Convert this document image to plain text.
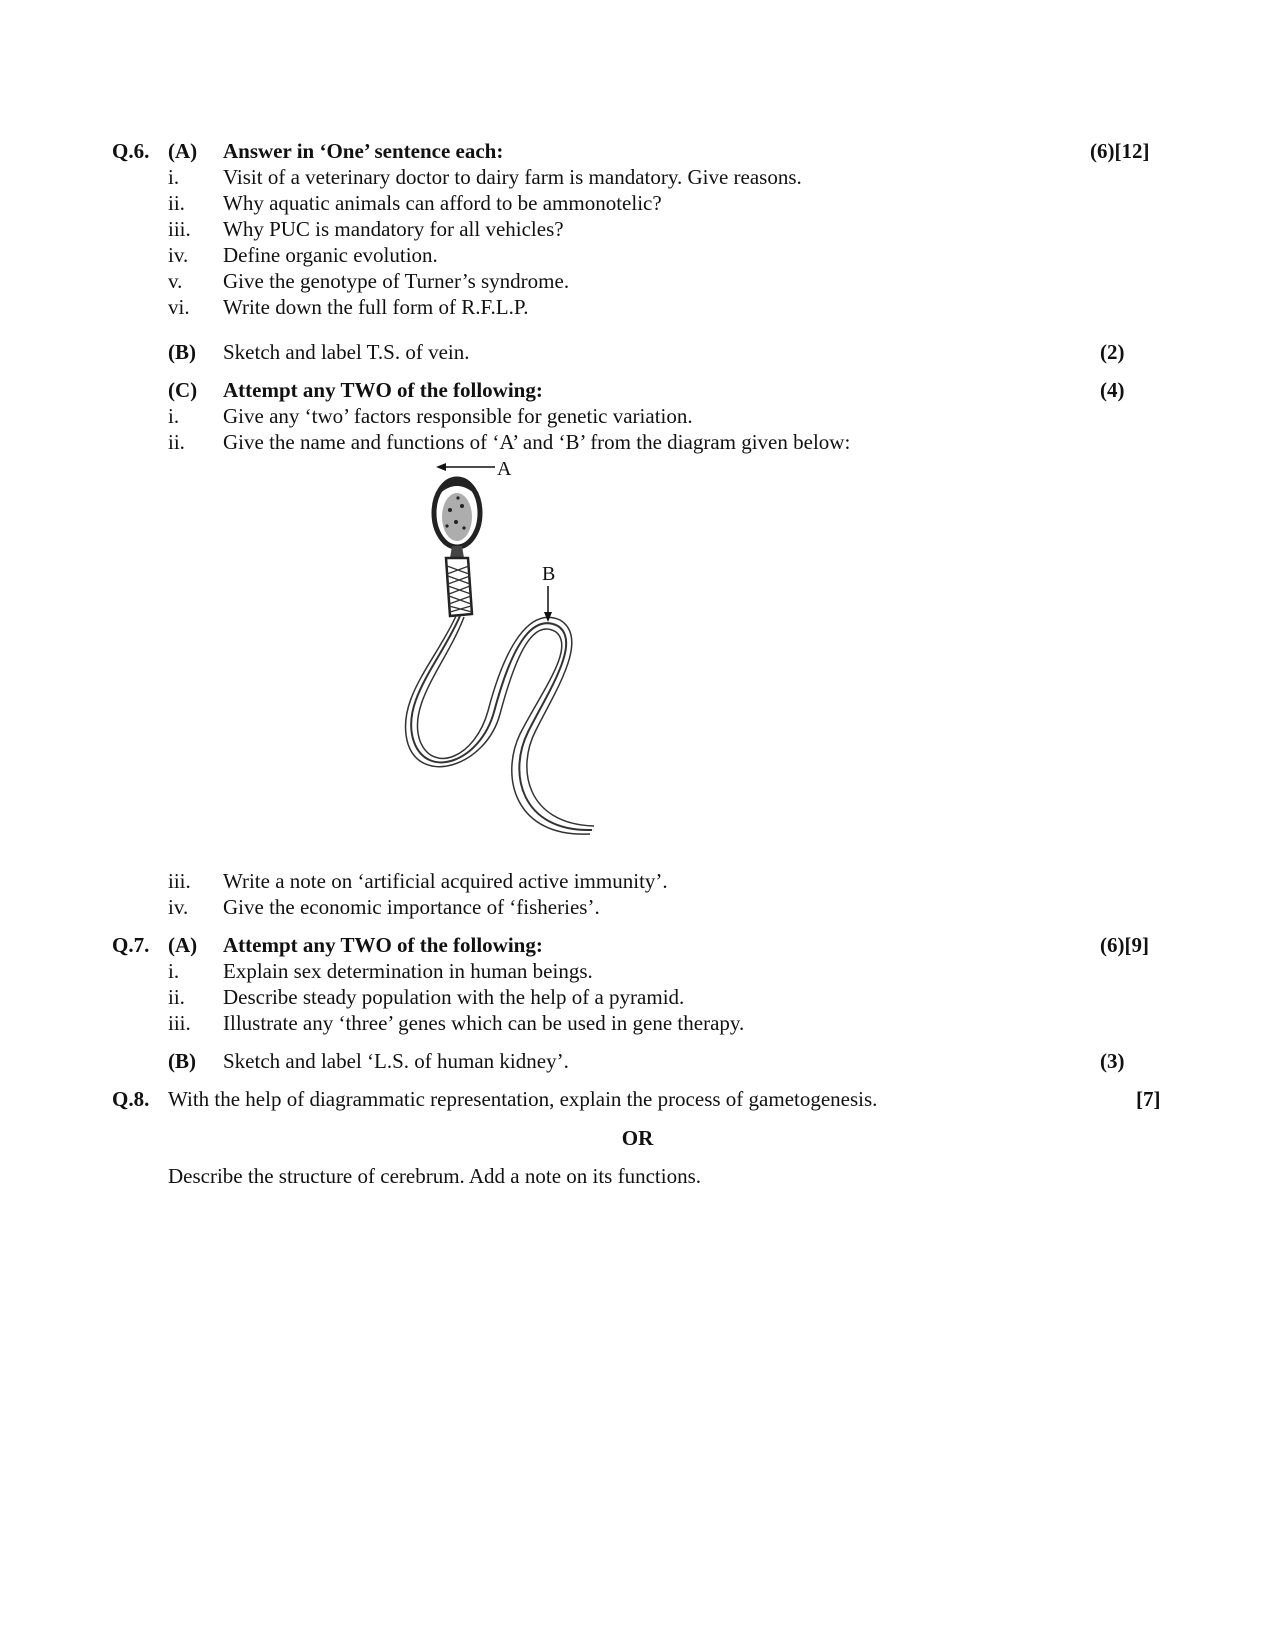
Q.6. (A) Answer in ‘One’ sentence each:	(6)[12]
i. Visit of a veterinary doctor to dairy farm is mandatory. Give reasons.
ii. Why aquatic animals can afford to be ammonotelic?
iii. Why PUC is mandatory for all vehicles?
iv. Define organic evolution.
v. Give the genotype of Turner’s syndrome.
vi. Write down the full form of R.F.L.P.
(B) Sketch and label T.S. of vein.	(2)
(C) Attempt any TWO of the following:	(4)
i. Give any ‘two’ factors responsible for genetic variation.
ii. Give the name and functions of ‘A’ and ‘B’ from the diagram given below:
A
B
iii. Write a note on ‘artificial acquired active immunity’.
iv. Give the economic importance of ‘fisheries’.
Q.7. (A) Attempt any TWO of the following:	(6)[9]
i. Explain sex determination in human beings.
ii. Describe steady population with the help of a pyramid.
iii. Illustrate any ‘three’ genes which can be used in gene therapy.
(B) Sketch and label ‘L.S. of human kidney’.	(3)
Q.8. With the help of diagrammatic representation, explain the process of gametogenesis.	[7]
OR
Describe the structure of cerebrum. Add a note on its functions.
